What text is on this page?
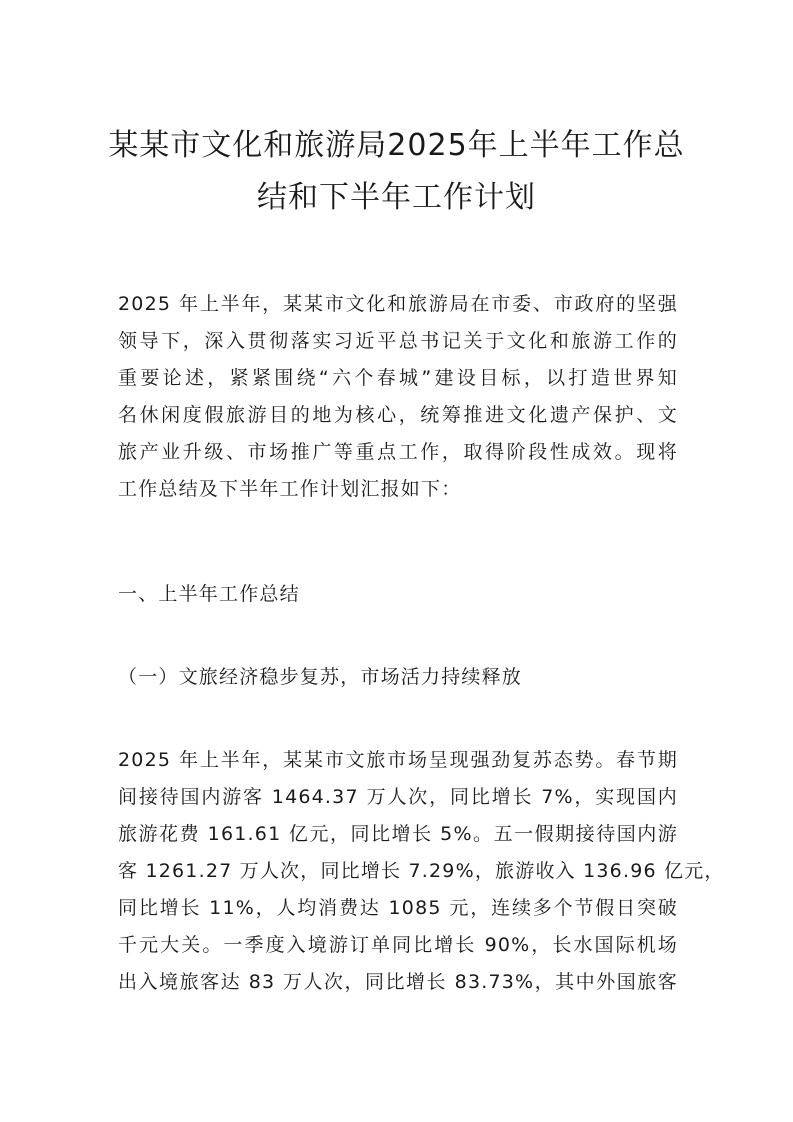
某某市文化和旅游局2025年上半年工作总
结和下半年工作计划
2025 年上半年，某某市文化和旅游局在市委、市政府的坚强
领导下，深入贯彻落实习近平总书记关于文化和旅游工作的
重要论述，紧紧围绕“六个春城”建设目标，以打造世界知
名休闲度假旅游目的地为核心，统筹推进文化遗产保护、文
旅产业升级、市场推广等重点工作，取得阶段性成效。现将
工作总结及下半年工作计划汇报如下：
一、上半年工作总结
（一）文旅经济稳步复苏，市场活力持续释放
2025 年上半年，某某市文旅市场呈现强劲复苏态势。春节期
间接待国内游客 1464.37 万人次，同比增长 7%，实现国内
旅游花费 161.61 亿元，同比增长 5%。五一假期接待国内游
客 1261.27 万人次，同比增长 7.29%，旅游收入 136.96 亿元，
同比增长 11%，人均消费达 1085 元，连续多个节假日突破
千元大关。一季度入境游订单同比增长 90%，长水国际机场
出入境旅客达 83 万人次，同比增长 83.73%，其中外国旅客
